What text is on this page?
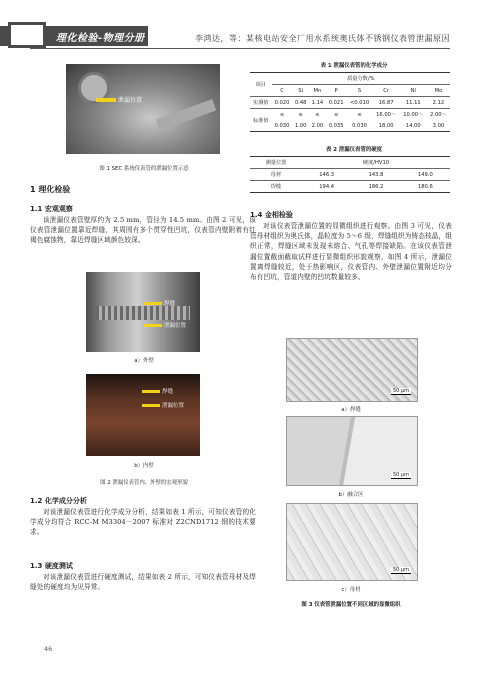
理化检验-物理分册	李鸿达，等：某核电站安全厂用水系统奥氏体不锈钢仪表管泄漏原因
泄漏位置
图 1 SEC 系统仪表管的泄漏位置示意
1 理化检验
1.1 宏观观察
该泄漏仪表管壁厚约为 2.5 mm，管径为 14.5 mm。由图 2 可见，该仪表管泄漏位置靠近焊缝，其周围有多个贯穿性凹坑，仪表管内壁附着有红褐色腐蚀物，靠近焊缝区域颜色较深。
焊缝
泄漏位置
a）外壁
焊缝
泄漏位置
b）内壁
图 2 泄漏仪表管内、外壁的宏观形貌
1.2 化学成分分析
对该泄漏仪表管进行化学成分分析，结果如表 1 所示，可知仪表管的化学成分均符合 RCC-M M3304－2007 标准对 Z2CND1712 钢的技术要求。
1.3 硬度测试
对该泄漏仪表管进行硬度测试，结果如表 2 所示，可知仪表管母材及焊缝处的硬度均为见异常。
46
表 1 泄漏仪表管的化学成分
项目	质量分数/%							
	C	Si	Mn	P	S	Cr	Ni	Mo
实测值	0.020	0.48	1.14	0.021	<0.010	16.87	11.11	2.12
标准值	≤	≤	≤	≤	≤	16.00～	10.00～	2.00～
	0.030	1.00	2.00	0.035	0.030	18.00	14.00	3.00
表 2 泄漏仪表管的硬度
测量位置	硬度/HV10		
母材	146.3	143.8	149.0
焊缝	194.4	186.2	180.6
1.4 金相检验
对该仪表管泄漏位置的显微组织进行观察。由图 3 可见，仪表管母材组织为奥氏体，晶粒度为 5～6 级，焊缝组织为铸态枝晶，组织正常，焊缝区域未发现未熔合、气孔等焊接缺陷。在该仪表管泄漏位置截面截取试样进行显微组织形貌观察，如图 4 所示，泄漏位置离焊缝较近，处于热影响区，仪表管内、外壁泄漏位置附近均分布有凹坑，管道内壁的凹坑数量较多。
50 μm
a）焊缝
50 μm
b）融合区
50 μm
c）母材
图 3 仪表管泄漏位置不同区域的显微组织
